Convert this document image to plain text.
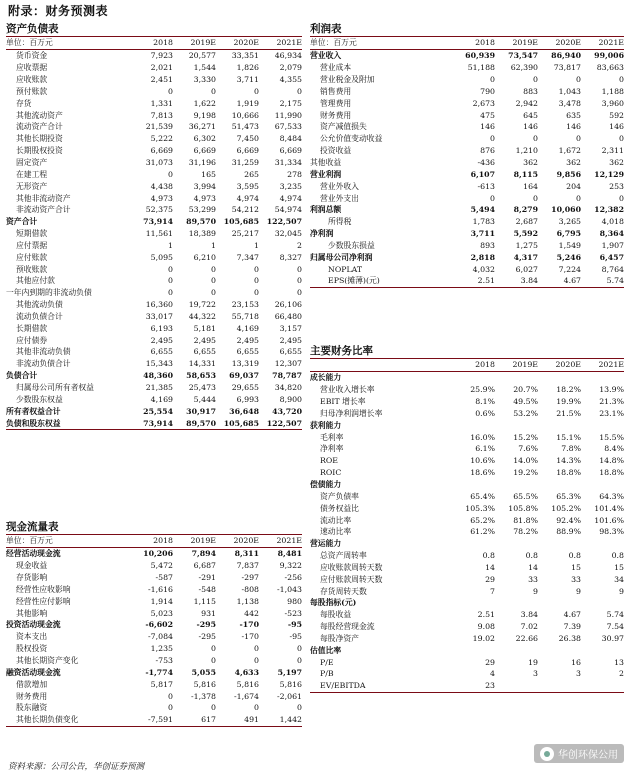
附录：财务预测表
资产负债表
单位：百万元	2018	2019E	2020E	2021E
货币资金	7,923	20,577	33,351	46,934
应收票据	2,021	1,544	1,826	2,079
应收账款	2,451	3,330	3,711	4,355
预付账款	0	0	0	0
存货	1,331	1,622	1,919	2,175
其他流动资产	7,813	9,198	10,666	11,990
流动资产合计	21,539	36,271	51,473	67,533
其他长期投资	5,222	6,302	7,450	8,484
长期股权投资	6,669	6,669	6,669	6,669
固定资产	31,073	31,196	31,259	31,334
在建工程	0	165	265	278
无形资产	4,438	3,994	3,595	3,235
其他非流动资产	4,973	4,973	4,974	4,974
非流动资产合计	52,375	53,299	54,212	54,974
资产合计	73,914	89,570 105,685 122,507
短期借款	11,561	18,389	25,217	32,045
应付票据	1	1	1	2
应付账款	5,095	6,210	7,347	8,327
预收账款	0	0	0	0
其他应付款	0	0	0	0
一年内到期的非流动负债	0	0	0	0
其他流动负债	16,360	19,722	23,153	26,106
流动负债合计	33,017	44,322	55,718	66,480
长期借款	6,193	5,181	4,169	3,157
应付债券	2,495	2,495	2,495	2,495
其他非流动负债	6,655	6,655	6,655	6,655
非流动负债合计	15,343	14,331	13,319	12,307
负债合计	48,360	58,653	69,037	78,787
归属母公司所有者权益	21,385	25,473	29,655	34,820
少数股东权益	4,169	5,444	6,993	8,900
所有者权益合计	25,554	30,917	36,648	43,720
负债和股东权益	73,914	89,570 105,685 122,507
现金流量表
单位：百万元	2018	2019E	2020E	2021E
经营活动现金流	10,206	7,894	8,311	8,481
现金收益	5,472	6,687	7,837	9,322
存货影响	-587	-291	-297	-256
经营性应收影响	-1,616	-548	-808	-1,043
经营性应付影响	1,914	1,115	1,138	980
其他影响	5,023	931	442	-523
投资活动现金流	-6,602	-295	-170	-95
资本支出	-7,084	-295	-170	-95
股权投资	1,235	0	0	0
其他长期资产变化	-753	0	0	0
融资活动现金流	-1,774	5,055	4,633	5,197
借款增加	5,817	5,816	5,816	5,816
财务费用	0	-1,378	-1,674	-2,061
股东融资	0	0	0	0
其他长期负债变化	-7,591	617	491	1,442
利润表
单位：百万元	2018	2019E	2020E	2021E
营业收入	60,939	73,547	86,940	99,006
营业成本	51,188	62,390	73,817	83,663
营业税金及附加	0	0	0	0
销售费用	790	883	1,043	1,188
管理费用	2,673	2,942	3,478	3,960
财务费用	475	645	635	592
资产减值损失	146	146	146	146
公允价值变动收益	0	0	0	0
投资收益	876	1,210	1,672	2,311
其他收益	-436	362	362	362
营业利润	6,107	8,115	9,856	12,129
营业外收入	-613	164	204	253
营业外支出	0	0	0	0
利润总额	5,494	8,279	10,060	12,382
所得税	1,783	2,687	3,265	4,018
净利润	3,711	5,592	6,795	8,364
少数股东损益	893	1,275	1,549	1,907
归属母公司净利润	2,818	4,317	5,246	6,457
NOPLAT	4,032	6,027	7,224	8,764
EPS(摊薄)(元)	2.51	3.84	4.67	5.74
主要财务比率
2018	2019E	2020E	2021E
成长能力
营业收入增长率	25.9%	20.7%	18.2%	13.9%
EBIT 增长率	8.1%	49.5%	19.9%	21.3%
归母净利润增长率	0.6%	53.2%	21.5%	23.1%
获利能力
毛利率	16.0%	15.2%	15.1%	15.5%
净利率	6.1%	7.6%	7.8%	8.4%
ROE	10.6%	14.0%	14.3%	14.8%
ROIC	18.6%	19.2%	18.8%	18.8%
偿债能力
资产负债率	65.4%	65.5%	65.3%	64.3%
债务权益比	105.3%	105.8%	105.2%	101.4%
流动比率	65.2%	81.8%	92.4%	101.6%
速动比率	61.2%	78.2%	88.9%	98.3%
营运能力
总资产周转率	0.8	0.8	0.8	0.8
应收账款周转天数	14	14	15	15
应付账款周转天数	29	33	33	34
存货周转天数	7	9	9	9
每股指标(元)
每股收益	2.51	3.84	4.67	5.74
每股经营现金流	9.08	7.02	7.39	7.54
每股净资产	19.02	22.66	26.38	30.97
估值比率
P/E	29	19	16	13
P/B	4	3	3	2
EV/EBITDA	23
华创环保公用
资料来源：公司公告，华创证券预测
